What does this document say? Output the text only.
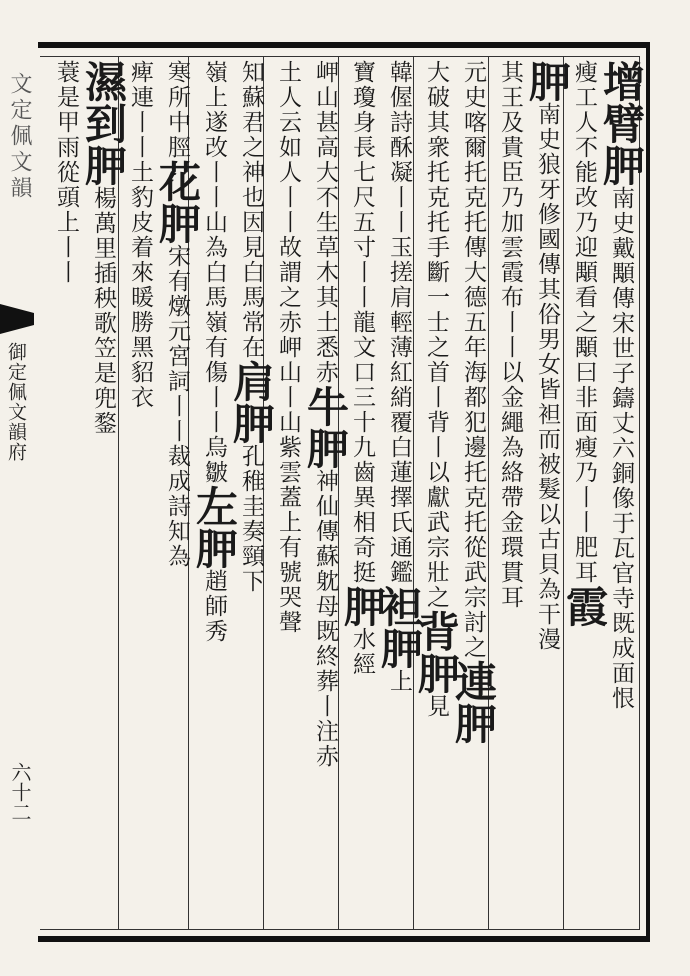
文定佩文韻
御定佩文韻府
六十二
增臂胛南史戴顒傳宋世子鑄丈六銅像于瓦官寺既成面恨
瘦工人不能改乃迎顒看之顒曰非面瘦乃丨丨肥耳霞
胛南史狼牙修國傳其俗男女皆袒而被髮以古貝為干漫
其王及貴臣乃加雲霞布丨丨以金繩為絡帶金環貫耳
元史喀爾托克托傳大德五年海都犯邊托克托從武宗討之連胛
大破其衆托克托手斷一士之首丨背丨以獻武宗壯之背胛見
韓偓詩酥凝丨丨玉搓肩輕薄紅綃覆白蓮擇氏通鑑袒胛上
寶瓊身長七尺五寸丨丨龍文口三十九齒異相奇挺胛水經
岬山甚高大不生草木其土悉赤牛胛神仙傳蘇躭母既終葬丨注赤
土人云如人丨丨故謂之赤岬山丨山紫雲蓋上有號哭聲
知蘇君之神也因見白馬常在肩胛孔稚圭奏頸下
嶺上遂改丨丨山為白馬嶺有傷丨丨烏皺左胛趙師秀
寒所中脛花胛宋有燉元宮詞丨丨裁成詩知為
痺連丨丨土豹皮着來暖勝黑貂衣
濕到胛楊萬里插秧歌笠是兜鍪
蓑是甲雨從頭上丨丨
